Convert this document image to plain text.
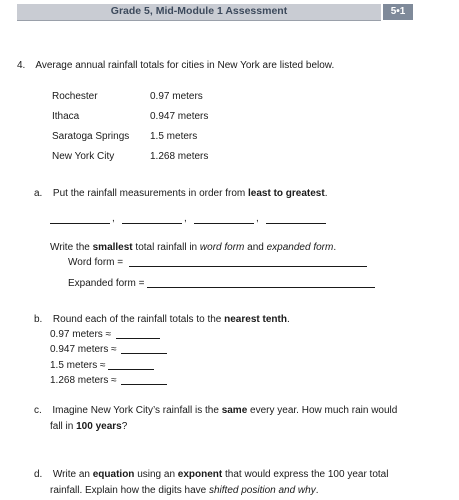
Grade 5, Mid-Module 1 Assessment	5•1
4. Average annual rainfall totals for cities in New York are listed below.
Rochester	0.97 meters
Ithaca	0.947 meters
Saratoga Springs 1.5 meters
New York City	1.268 meters
a. Put the rainfall measurements in order from least to greatest.
,	,	,
Write the smallest total rainfall in word form and expanded form.
Word form =
Expanded form =
b. Round each of the rainfall totals to the nearest tenth.
0.97 meters ≈
0.947 meters ≈
1.5 meters ≈
1.268 meters ≈
c. Imagine New York City’s rainfall is the same every year. How much rain would
fall in 100 years?
d. Write an equation using an exponent that would express the 100 year total
rainfall. Explain how the digits have shifted position and why.
